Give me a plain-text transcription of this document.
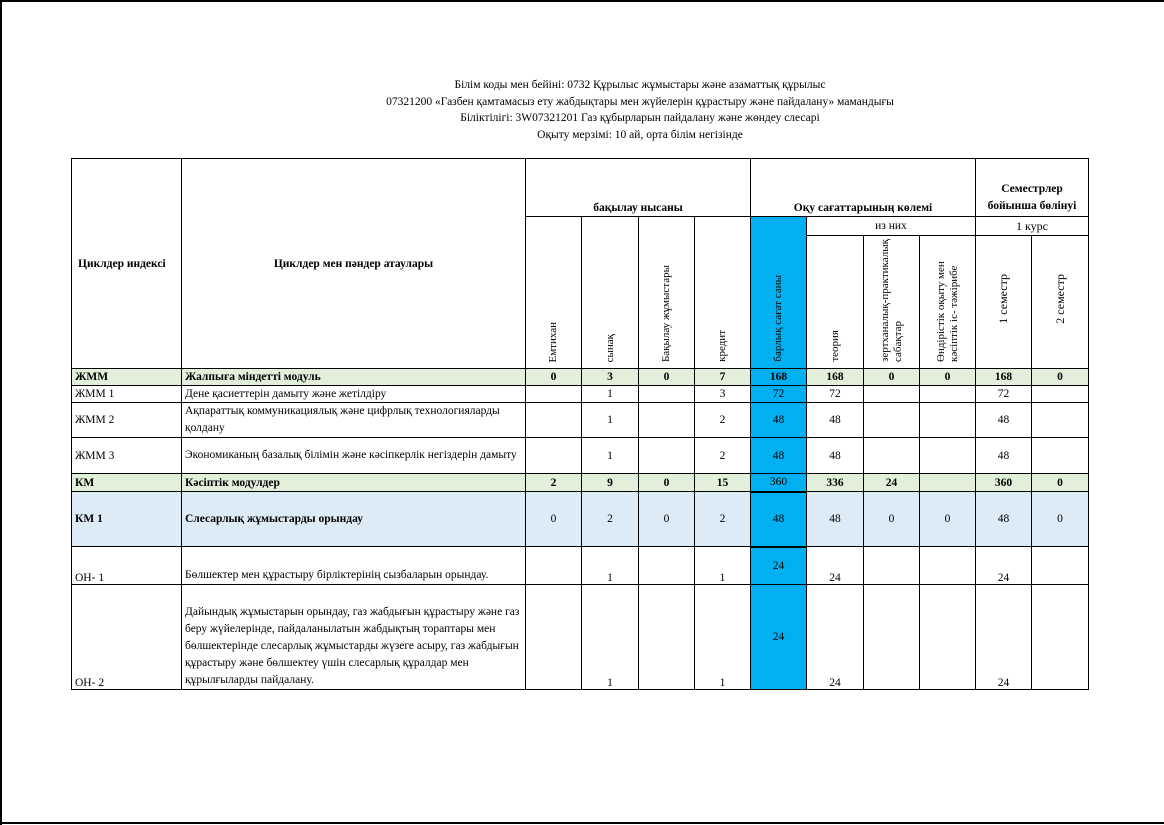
Білім коды мен бейіні: 0732 Құрылыс жұмыстары және азаматтық құрылыс
07321200 «Газбен қамтамасыз ету жабдықтары мен жүйелерін құрастыру және пайдалану» мамандығы
Біліктілігі: 3W07321201 Газ құбырларын пайдалану және жөндеу слесарі
Оқыту мерзімі: 10 ай, орта білім негізінде
Циклдер индексі	Циклдер мен пәндер атаулары	бақылау нысаны				Оқу сағаттарының көлемі				Семестрлер бойынша бөлінуі	
		Емтихан	сынақ	Бақылау жұмыстары	кредит	барлық сағат саны	из них			1 курс	
							теория	зертханалық-практикалық сабақтар	Өндірістік оқыту мен кәсіптік іс- тәжірибе	1 семестр	2 семестр
ЖММ	Жалпыға міндетті модуль	0	3	0	7	168	168	0	0	168	0
ЖММ 1	Дене қасиеттерін дамыту және жетілдіру		1		3	72	72			72	
ЖММ 2	Ақпараттық коммуникациялық және цифрлық технологияларды қолдану		1		2	48	48			48	
ЖММ 3	Экономиканың базалық білімін және кәсіпкерлік негіздерін дамыту		1		2	48	48			48	
КМ	Кәсіптік модулдер	2	9	0	15	360	336	24		360	0
КМ 1	Слесарлық жұмыстарды орындау	0	2	0	2	48	48	0	0	48	0
ОН- 1	Бөлшектер мен құрастыру бірліктерінің сызбаларын орындау.		1		1	24	24			24	
ОН- 2	Дайындық жұмыстарын орындау, газ жабдығын құрастыру және газ беру жүйелерінде, пайдаланылатын жабдықтың тораптары мен бөлшектерінде слесарлық жұмыстарды жүзеге асыру, газ жабдығын құрастыру және бөлшектеу үшін слесарлық құралдар мен құрылғыларды пайдалану.		1		1	24	24			24	
